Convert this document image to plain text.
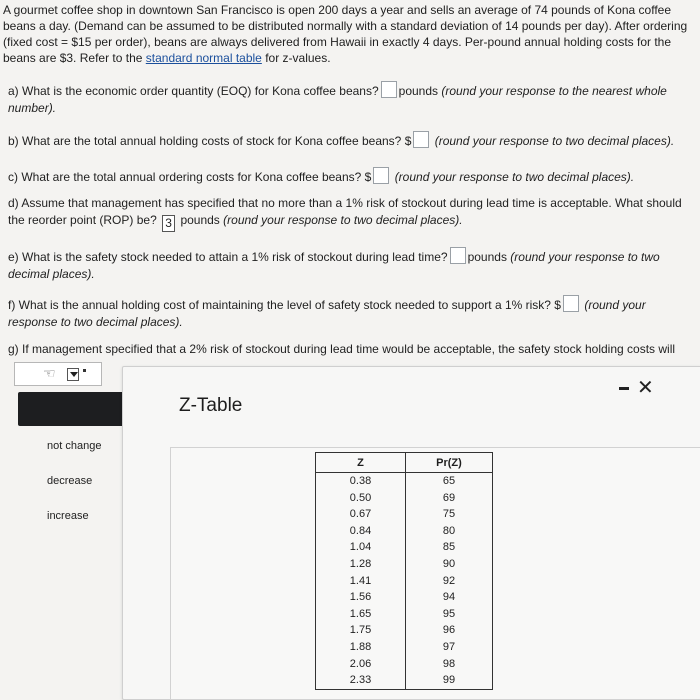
A gourmet coffee shop in downtown San Francisco is open 200 days a year and sells an average of 74 pounds of Kona coffee beans a day. (Demand can be assumed to be distributed normally with a standard deviation of 14 pounds per day). After ordering (fixed cost = $15 per order), beans are always delivered from Hawaii in exactly 4 days. Per-pound annual holding costs for the beans are $3. Refer to the standard normal table for z-values.
a) What is the economic order quantity (EOQ) for Kona coffee beans? pounds (round your response to the nearest whole number).
b) What are the total annual holding costs of stock for Kona coffee beans? $ (round your response to two decimal places).
c) What are the total annual ordering costs for Kona coffee beans? $ (round your response to two decimal places).
d) Assume that management has specified that no more than a 1% risk of stockout during lead time is acceptable. What should the reorder point (ROP) be? 3 pounds (round your response to two decimal places).
e) What is the safety stock needed to attain a 1% risk of stockout during lead time? pounds (round your response to two decimal places).
f) What is the annual holding cost of maintaining the level of safety stock needed to support a 1% risk? $ (round your response to two decimal places).
g) If management specified that a 2% risk of stockout during lead time would be acceptable, the safety stock holding costs will
☜
not change
decrease
increase
Z-Table
✕
Z	Pr(Z)
0.38	65
0.50	69
0.67	75
0.84	80
1.04	85
1.28	90
1.41	92
1.56	94
1.65	95
1.75	96
1.88	97
2.06	98
2.33	99
